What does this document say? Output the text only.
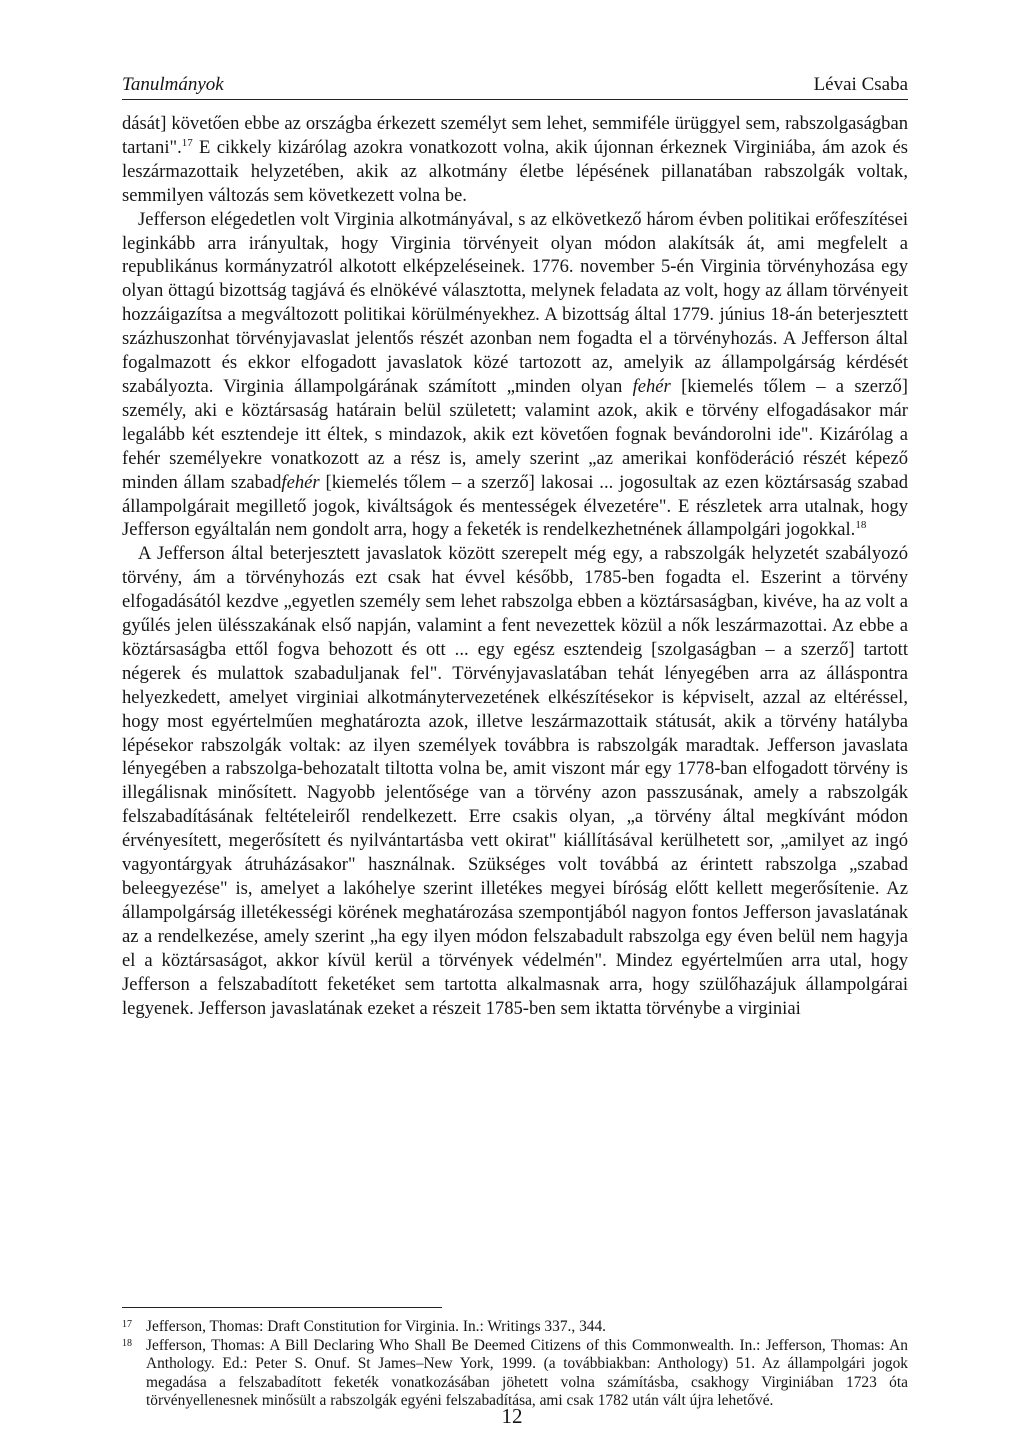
Tanulmányok	Lévai Csaba

dását] követően ebbe az országba érkezett személyt sem lehet, semmiféle ürüggyel sem, rabszolgaságban tartani".$^{17}$ E cikkely kizárólag azokra vonatkozott volna, akik újonnan érkeznek Virginiába, ám azok és leszármazottaik helyzetében, akik az alkotmány életbe lépésének pillanatában rabszolgák voltak, semmilyen változás sem következett volna be.

Jefferson elégedetlen volt Virginia alkotmányával, s az elkövetkező három évben politikai erőfeszítései leginkább arra irányultak, hogy Virginia törvényeit olyan módon alakítsák át, ami megfelelt a republikánus kormányzatról alkotott elképzeléseinek. 1776. november 5-én Virginia törvényhozása egy olyan öttagú bizottság tagjává és elnökévé választotta, melynek feladata az volt, hogy az állam törvényeit hozzáigazítsa a megváltozott politikai körülményekhez. A bizottság által 1779. június 18-án beterjesztett százhuszonhat törvényjavaslat jelentős részét azonban nem fogadta el a törvényhozás. A Jefferson által fogalmazott és ekkor elfogadott javaslatok közé tartozott az, amelyik az állampolgárság kérdését szabályozta. Virginia állampolgárának számított „minden olyan fehér [kiemelés tőlem – a szerző] személy, aki e köztársaság határain belül született; valamint azok, akik e törvény elfogadásakor már legalább két esztendeje itt éltek, s mindazok, akik ezt követően fognak bevándorolni ide". Kizárólag a fehér személyekre vonatkozott az a rész is, amely szerint „az amerikai konföderáció részét képező minden állam szabadfehér [kiemelés tőlem – a szerző] lakosai ... jogosultak az ezen köztársaság szabad állampolgárait megillető jogok, kiváltságok és mentességek élvezetére". E részletek arra utalnak, hogy Jefferson egyáltalán nem gondolt arra, hogy a feketék is rendelkezhetnének állampolgári jogokkal.$^{18}$

A Jefferson által beterjesztett javaslatok között szerepelt még egy, a rabszolgák helyzetét szabályozó törvény, ám a törvényhozás ezt csak hat évvel később, 1785-ben fogadta el. Eszerint a törvény elfogadásától kezdve „egyetlen személy sem lehet rabszolga ebben a köztársaságban, kivéve, ha az volt a gyűlés jelen ülésszakának első napján, valamint a fent nevezettek közül a nők leszármazottai. Az ebbe a köztársaságba ettől fogva behozott és ott ... egy egész esztendeig [szolgaságban – a szerző] tartott négerek és mulattok szabaduljanak fel". Törvényjavaslatában tehát lényegében arra az álláspontra helyezkedett, amelyet virginiai alkotmánytervezetének elkészítésekor is képviselt, azzal az eltéréssel, hogy most egyértelműen meghatározta azok, illetve leszármazottaik státusát, akik a törvény hatályba lépésekor rabszolgák voltak: az ilyen személyek továbbra is rabszolgák maradtak. Jefferson javaslata lényegében a rabszolga-behozatalt tiltotta volna be, amit viszont már egy 1778-ban elfogadott törvény is illegálisnak minősített. Nagyobb jelentősége van a törvény azon passzusának, amely a rabszolgák felszabadításának feltételeiről rendelkezett. Erre csakis olyan, „a törvény által megkívánt módon érvényesített, megerősített és nyilvántartásba vett okirat" kiállításával kerülhetett sor, „amilyet az ingó vagyontárgyak átruházásakor" használnak. Szükséges volt továbbá az érintett rabszolga „szabad beleegyezése" is, amelyet a lakóhelye szerint illetékes megyei bíróság előtt kellett megerősítenie. Az állampolgárság illetékességi körének meghatározása szempontjából nagyon fontos Jefferson javaslatának az a rendelkezése, amely szerint „ha egy ilyen módon felszabadult rabszolga egy éven belül nem hagyja el a köztársaságot, akkor kívül kerül a törvények védelmén". Mindez egyértelműen arra utal, hogy Jefferson a felszabadított feketéket sem tartotta alkalmasnak arra, hogy szülőhazájuk állampolgárai legyenek. Jefferson javaslatának ezeket a részeit 1785-ben sem iktatta törvénybe a virginiai

17 Jefferson, Thomas: Draft Constitution for Virginia. In.: Writings 337., 344.

18 Jefferson, Thomas: A Bill Declaring Who Shall Be Deemed Citizens of this Commonwealth. In.: Jefferson, Thomas: An Anthology. Ed.: Peter S. Onuf. St James–New York, 1999. (a továbbiakban: Anthology) 51. Az állampolgári jogok megadása a felszabadított feketék vonatkozásában jöhetett volna számításba, csakhogy Virginiában 1723 óta törvényellenesnek minősült a rabszolgák egyéni felszabadítása, ami csak 1782 után vált újra lehetővé.

12
